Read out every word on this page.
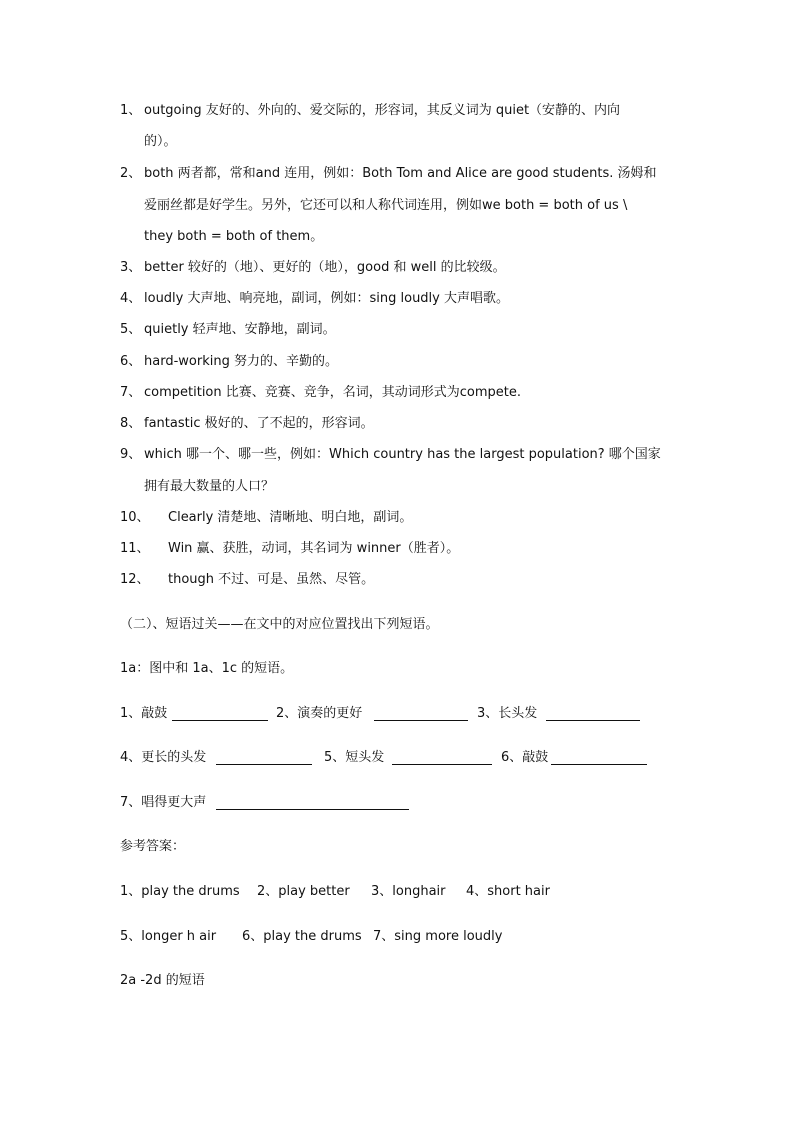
1、 outgoing 友好的、外向的、爱交际的，形容词，其反义词为 quiet（安静的、内向
的）。
2、 both 两者都，常和and 连用，例如：Both Tom and Alice are good students. 汤姆和
爱丽丝都是好学生。另外，它还可以和人称代词连用，例如we both = both of us \
they both = both of them。
3、 better 较好的（地）、更好的（地），good 和 well 的比较级。
4、 loudly 大声地、响亮地，副词，例如：sing loudly 大声唱歌。
5、 quietly 轻声地、安静地，副词。
6、 hard-working 努力的、辛勤的。
7、 competition 比赛、竞赛、竞争，名词，其动词形式为compete.
8、 fantastic 极好的、了不起的，形容词。
9、 which 哪一个、哪一些，例如：Which country has the largest population? 哪个国家
拥有最大数量的人口？
10、 Clearly 清楚地、清晰地、明白地，副词。
11、 Win 赢、获胜，动词，其名词为 winner（胜者）。
12、 though 不过、可是、虽然、尽管。
（二）、短语过关——在文中的对应位置找出下列短语。
1a：图中和 1a、1c 的短语。
1、敲鼓	2、演奏的更好	3、长头发
4、更长的头发	5、短头发	6、敲鼓
7、唱得更大声
参考答案：
1、play the drums 2、play better 3、longhair 4、short hair
5、longer h air 6、play the drums 7、sing more loudly
2a -2d 的短语
